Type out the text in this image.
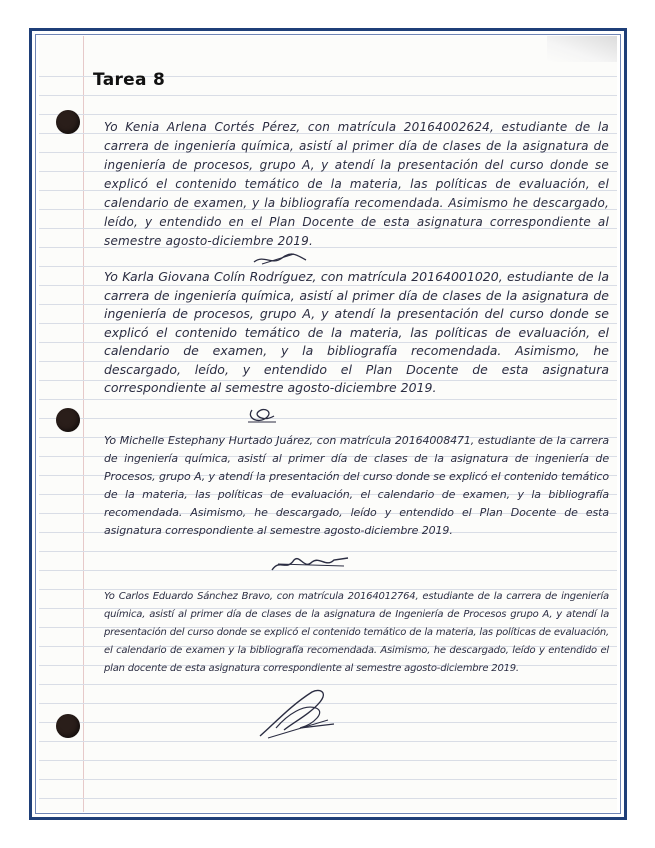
Tarea 8

Yo Kenia Arlena Cortés Pérez, con matrícula 20164002624, estudiante de la carrera de ingeniería química, asistí al primer día de clases de la asignatura de ingeniería de procesos, grupo A, y atendí la presentación del curso donde se explicó el contenido temático de la materia, las políticas de evaluación, el calendario de examen, y la bibliografía recomendada. Asimismo he descargado, leído, y entendido en el Plan Docente de esta asignatura correspondiente al semestre agosto-diciembre 2019.

Yo Karla Giovana Colín Rodríguez, con matrícula 20164001020, estudiante de la carrera de ingeniería química, asistí al primer día de clases de la asignatura de ingeniería de procesos, grupo A, y atendí la presentación del curso donde se explicó el contenido temático de la materia, las políticas de evaluación, el calendario de examen, y la bibliografía recomendada. Asimismo, he descargado, leído, y entendido el Plan Docente de esta asignatura correspondiente al semestre agosto-diciembre 2019.

Yo Michelle Estephany Hurtado Juárez, con matrícula 20164008471, estudiante de la carrera de ingeniería química, asistí al primer día de clases de la asignatura de ingeniería de Procesos, grupo A, y atendí la presentación del curso donde se explicó el contenido temático de la materia, las políticas de evaluación, el calendario de examen, y la bibliografía recomendada. Asimismo, he descargado, leído y entendido el Plan Docente de esta asignatura correspondiente al semestre agosto-diciembre 2019.

Yo Carlos Eduardo Sánchez Bravo, con matrícula 20164012764, estudiante de la carrera de ingeniería química, asistí al primer día de clases de la asignatura de Ingeniería de Procesos grupo A, y atendí la presentación del curso donde se explicó el contenido temático de la materia, las políticas de evaluación, el calendario de examen y la bibliografía recomendada. Asimismo, he descargado, leído y entendido el plan docente de esta asignatura correspondiente al semestre agosto-diciembre 2019.
